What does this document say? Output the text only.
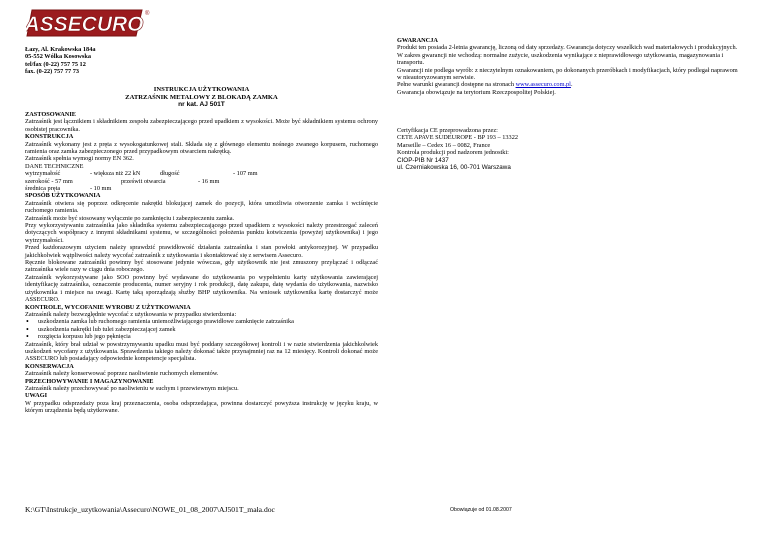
ASSECURO ®
Łazy, Al. Krakowska 184a
05-552 Wólka Kosowska
tel/fax (0-22) 757 75 12
fax. (0-22) 757 77 73
INSTRUKCJA UŻYTKOWANIA
ZATRZAŚNIK METALOWY Z BLOKADĄ ZAMKA
nr kat. AJ 501T
ZASTOSOWANIE
Zatrzaśnik jest łącznikiem i składnikiem zespołu zabezpieczającego przed upadkiem z wysokości. Może być składnikiem systemu ochrony osobistej pracownika.
KONSTRUKCJA
Zatrzaśnik wykonany jest z pręta z wysokogatunkowej stali. Składa się z głównego elementu nośnego zwanego korpusem, ruchomego ramienia oraz zamka zabezpieczonego przed przypadkowym otwarciem nakrętką.
Zatrzaśnik spełnia wymogi normy EN 362.
DANE TECHNICZNE
wytrzymałość	- większa niż 22 kN	długość	- 107 mm
szerokość - 57 mm	prześwit otwarcia	- 16 mm
średnica pręta	- 10 mm
SPOSÓB UŻYTKOWANIA
Zatrzaśnik otwiera się poprzez odkręcenie nakrętki blokującej zamek do pozycji, która umożliwia otworzenie zamka i wciśnięcie ruchomego ramienia.
Zatrzaśnik może być stosowany wyłącznie po zamknięciu i zabezpieczeniu zamka.
Przy wykorzystywaniu zatrzaśnika jako składnika systemu zabezpieczającego przed upadkiem z wysokości należy przestrzegać zaleceń dotyczących współpracy z innymi składnikami systemu, w szczególności położenia punktu kotwiczenia (powyżej użytkownika) i jego wytrzymałości.
Przed każdorazowym użyciem należy sprawdzić prawidłowość działania zatrzaśnika i stan powłoki antykorozyjnej. W przypadku jakichkolwiek wątpliwości należy wycofać zatrzaśnik z użytkowania i skontaktować się z serwisem Assecuro.
Ręcznie blokowane zatrzaśniki powinny być stosowane jedynie wówczas, gdy użytkownik nie jest zmuszony przyłączać i odłączać zatrzaśnika wiele razy w ciągu dnia roboczego.
Zatrzaśnik wykorzystywane jako SOO powinny być wydawane do użytkowania po wypełnieniu karty użytkowania zawierającej identyfikację zatrzaśnika, oznaczenie producenta, numer seryjny i rok produkcji, datę zakupu, datę wydania do użytkowania, nazwisko użytkownika i miejsce na uwagi. Kartę taką sporządzają służby BHP użytkownika. Na wniosek użytkownika kartę dostarczyć może ASSECURO.
KONTROLE, WYCOFANIE WYROBU Z UŻYTKOWANIA
Zatrzaśnik należy bezwzględnie wycofać z użytkowania w przypadku stwierdzenia:
• uszkodzenia zamka lub ruchomego ramienia uniemożliwiającego prawidłowe zamknięcie zatrzaśnika
• uszkodzenia nakrętki lub tulei zabezpieczającej zamek
• rozgięcia korpusu lub jego pęknięcia
Zatrzaśnik, który brał udział w powstrzymywaniu upadku musi być poddany szczegółowej kontroli i w razie stwierdzenia jakichkolwiek uszkodzeń wycofany z użytkowania. Sprawdzenia takiego należy dokonać także przynajmniej raz na 12 miesięcy. Kontroli dokonać może ASSECURO lub posiadający odpowiednie kompetencje specjalista.
KONSERWACJA
Zatrzaśnik należy konserwować poprzez naoliwienie ruchomych elementów.
PRZECHOWYWANIE I MAGAZYNOWANIE
Zatrzaśnik należy przechowywać po naoliwieniu w suchym i przewiewnym miejscu.
UWAGI
W przypadku odsprzedaży poza kraj przeznaczenia, osoba odsprzedająca, powinna dostarczyć powyższa instrukcję w języku kraju, w którym urządzenia będą użytkowane.
GWARANCJA
Produkt ten posiada 2-letnia gwarancję, liczoną od daty sprzedaży. Gwarancja dotyczy wszelkich wad materiałowych i produkcyjnych.
W zakres gwarancji nie wchodzą: normalne zużycie, uszkodzenia wynikające z nieprawidłowego użytkowania, magazynowania i transportu.
Gwarancji nie podlega wyrób: z nieczytelnym oznakowaniem, po dokonanych przeróbkach i modyfikacjach, który podlegał naprawom w nieautoryzowanym serwisie.
Pełne warunki gwarancji dostępne na stronach www.assecuro.com.pl.
Gwarancja obowiązuje na terytorium Rzeczpospolitej Polskiej.
Certyfikacja CE przeprowadzona przez:
CETE APAVE SUDEUROPE - BP 193 – 13322
Marseille – Cedex 16 – 0082, France
Kontrola produkcji pod nadzorem jednostki:
CIOP-PIB Nr 1437
ul. Czerniakowska 16, 00-701 Warszawa
K:\GT\Instrukcje_uzytkowania\Assecuro\NOWE_01_08_2007\AJ501T_mała.doc	Obowiązuje od 01.08.2007
